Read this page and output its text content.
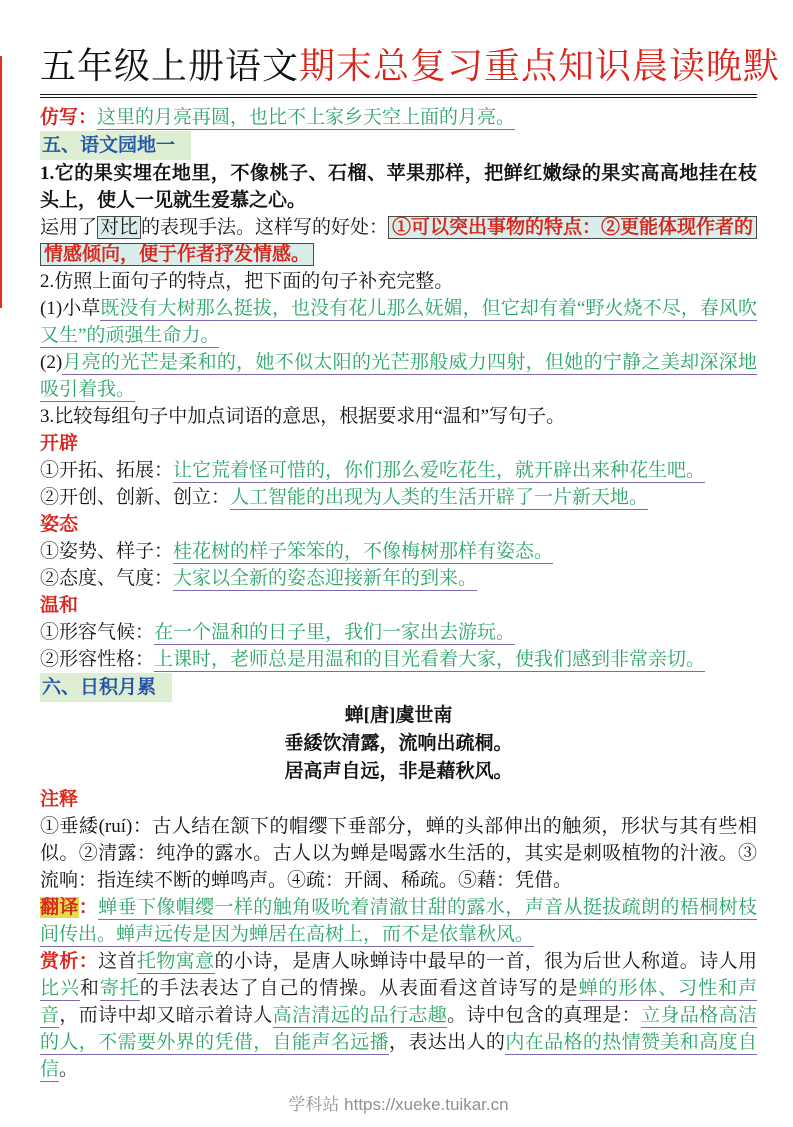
五年级上册语文期末总复习重点知识晨读晚默

仿写：这里的月亮再圆，也比不上家乡天空上面的月亮。

五、语文园地一

1.它的果实埋在地里，不像桃子、石榴、苹果那样，把鲜红嫩绿的果实高高地挂在枝头上，使人一见就生爱慕之心。

运用了 对比 的表现手法。这样写的好处： ①可以突出事物的特点：②更能体现作者的情感倾向，便于作者抒发情感。

2.仿照上面句子的特点，把下面的句子补充完整。

(1)小草既没有大树那么挺拔，也没有花儿那么妩媚，但它却有着“野火烧不尽，春风吹又生”的顽强生命力。

(2)月亮的光芒是柔和的，她不似太阳的光芒那般威力四射，但她的宁静之美却深深地吸引着我。

3.比较每组句子中加点词语的意思，根据要求用“温和”写句子。

开辟

①开拓、拓展：让它荒着怪可惜的，你们那么爱吃花生，就开辟出来种花生吧。

②开创、创新、创立：人工智能的出现为人类的生活开辟了一片新天地。

姿态

①姿势、样子：桂花树的样子笨笨的，不像梅树那样有姿态。

②态度、气度：大家以全新的姿态迎接新年的到来。

温和

①形容气候：在一个温和的日子里，我们一家出去游玩。

②形容性格：上课时，老师总是用温和的目光看着大家，使我们感到非常亲切。

六、日积月累
蝉[唐]虞世南
垂緌饮清露，流响出疏桐。
居高声自远，非是藉秋风。

注释

①垂緌(ruí)：古人结在颔下的帽缨下垂部分，蝉的头部伸出的触须，形状与其有些相似。②清露：纯净的露水。古人以为蝉是喝露水生活的，其实是刺吸植物的汁液。③流响：指连续不断的蝉鸣声。④疏：开阔、稀疏。⑤藉：凭借。

翻译：蝉垂下像帽缨一样的触角吸吮着清澈甘甜的露水，声音从挺拔疏朗的梧桐树枝间传出。蝉声远传是因为蝉居在高树上，而不是依靠秋风。

赏析：这首托物寓意的小诗，是唐人咏蝉诗中最早的一首，很为后世人称道。诗人用比兴和寄托的手法表达了自己的情操。从表面看这首诗写的是蝉的形体、习性和声音，而诗中却又暗示着诗人高洁清远的品行志趣。诗中包含的真理是：立身品格高洁的人，不需要外界的凭借，自能声名远播，表达出人的内在品格的热情赞美和高度自信。

学科站 https://xueke.tuikar.cn
